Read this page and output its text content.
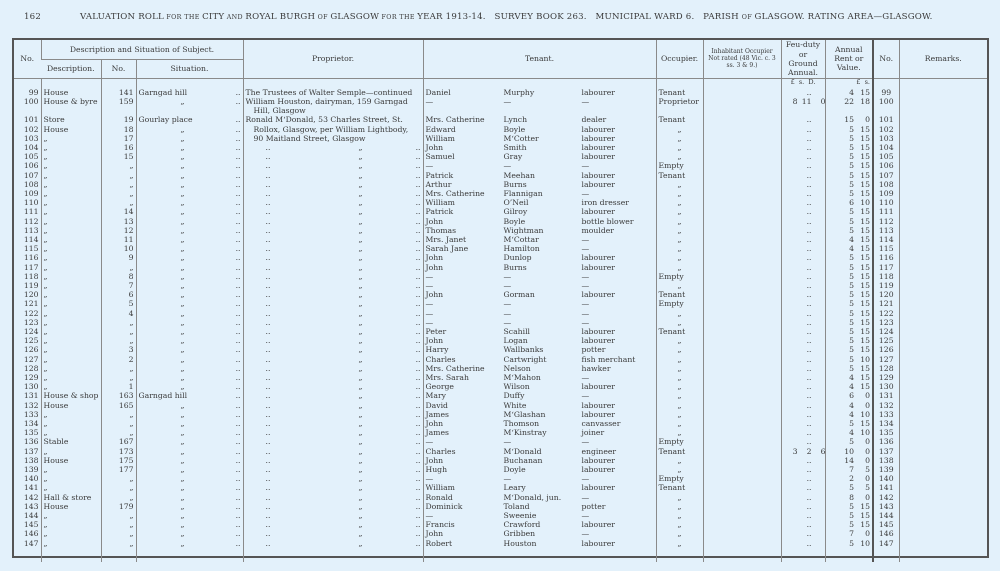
162	VALUATION ROLL FOR THE CITY AND ROYAL BURGH OF GLASGOW FOR THE YEAR 1913-14.   SURVEY BOOK 263.   MUNICIPAL WARD 6.   PARISH OF GLASGOW. RATING AREA—GLASGOW.
No.	Description and Situation of Subject.			Proprietor.	Tenant.	Occupier.	Inhabitant Occupier Not rated (48 Vic. c. 3 ss. 3 & 9.)	Feu-duty or Ground Annual.	Annual Rent or Value.	No.	Remarks.
	Description.	No.	Situation.								
								£ s. D.	£ s.		
99	House	141	Garngad hill ..	The Trustees of Walter Semple—continued	Daniel Murphy labourer	Tenant		..	4 15	99	
100	House & byre	159	„ ..	William Houston, dairyman, 159 Garngad	— — —	Proprietor		8 11	22 18	100	
				Hill, Glasgow							
101	Store	19	Gourlay place ..	Ronald M‘Donald, 53 Charles Street, St.	Mrs. Catherine Lynch dealer	Tenant		..	15 0	101	
102	House	18	„ ..	Rollox, Glasgow, per William Lightbody,	Edward Boyle labourer	„		..	5 15	102	
103	„	17	„ ..	90 Maitland Street, Glasgow	William M‘Cotter labourer	„		..	5 15	103	
104	„	16	„ ..	.. „ ..	John Smith labourer	„		..	5 15	104	
105	„	15	„ ..	.. „ ..	Samuel Gray labourer	„		..	5 15	105	
106	„	„	„ ..	.. „ ..	— — —	Empty		..	5 15	106	
107	„	„	„ ..	.. „ ..	Patrick Meehan labourer	Tenant		..	5 15	107	
108	„	„	„ ..	.. „ ..	Arthur Burns labourer	„		..	5 15	108	
109	„	„	„ ..	.. „ ..	Mrs. Catherine Flannigan —	„		..	5 15	109	
110	„	„	„ ..	.. „ ..	William O’Neil iron dresser	„		..	6 10	110	
111	„	14	„ ..	.. „ ..	Patrick Gilroy labourer	„		..	5 15	111	
112	„	13	„ ..	.. „ ..	John Boyle bottle blower	„		..	5 15	112	
113	„	12	„ ..	.. „ ..	Thomas Wightman moulder	„		..	5 15	113	
114	„	11	„ ..	.. „ ..	Mrs. Janet M‘Cottar —	„		..	4 15	114	
115	„	10	„ ..	.. „ ..	Sarah Jane Hamilton —	„		..	4 15	115	
116	„	9	„ ..	.. „ ..	John Dunlop labourer	„		..	5 15	116	
117	„	„	„ ..	.. „ ..	John Burns labourer	„		..	5 15	117	
118	„	8	„ ..	.. „ ..	— — —	Empty		..	5 15	118	
119	„	7	„ ..	.. „ ..	— — —	„		..	5 15	119	
120	„	6	„ ..	.. „ ..	John Gorman labourer	Tenant		..	5 15	120	
121	„	5	„ ..	.. „ ..	— — —	Empty		..	5 15	121	
122	„	4	„ ..	.. „ ..	— — —	„		..	5 15	122	
123	„	„	„ ..	.. „ ..	— — —	„		..	5 15	123	
124	„	„	„ ..	.. „ ..	Peter Scahill labourer	Tenant		..	5 15	124	
125	„	„	„ ..	.. „ ..	John Logan labourer	„		..	5 15	125	
126	„	3	„ ..	.. „ ..	Harry Wallbanks potter	„		..	5 15	126	
127	„	2	„ ..	.. „ ..	Charles Cartwright fish merchant	„		..	5 10	127	
128	„	„	„ ..	.. „ ..	Mrs. Catherine Nelson hawker	„		..	5 15	128	
129	„	„	„ ..	.. „ ..	Mrs. Sarah M‘Mahon —	„		..	4 15	129	
130	„	1	„ ..	.. „ ..	George Wilson labourer	„		..	4 15	130	
131	House & shop	163	Garngad hill ..	.. „ ..	Mary Duffy —	„		..	6 0	131	
132	House	165	„ ..	.. „ ..	David White labourer	„		..	4 0	132	
133	„	„	„ ..	.. „ ..	James M‘Glashan labourer	„		..	4 10	133	
134	„	„	„ ..	.. „ ..	John Thomson canvasser	„		..	5 15	134	
135	„	„	„ ..	.. „ ..	James M‘Kinstray joiner	„		..	4 10	135	
136	Stable	167	„ ..	.. „ ..	— — —	Empty		..	5 0	136	
137	„	173	„ ..	.. „ ..	Charles M‘Donald engineer	Tenant		3 2	10 0	137	
138	House	175	„ ..	.. „ ..	John Buchanan labourer	„		..	14 0	138	
139	„	177	„ ..	.. „ ..	Hugh Doyle labourer	„		..	7 5	139	
140	„	„	„ ..	.. „ ..	— — —	Empty		..	2 0	140	
141	„	„	„ ..	.. „ ..	William Leary labourer	Tenant		..	5 5	141	
142	Hall & store	„	„ ..	.. „ ..	Ronald M‘Donald, jun. —	„		..	8 0	142	
143	House	179	„ ..	.. „ ..	Dominick Toland potter	„		..	5 15	143	
144	„	„	„ ..	.. „ ..	— Sweenie —	„		..	5 15	144	
145	„	„	„ ..	.. „ ..	Francis Crawford labourer	„		..	5 15	145	
146	„	„	„ ..	.. „ ..	John Gribben —	„		..	7 0	146	
147	„	„	„ ..	.. „ ..	Robert Houston labourer	„		..	5 10	147	
